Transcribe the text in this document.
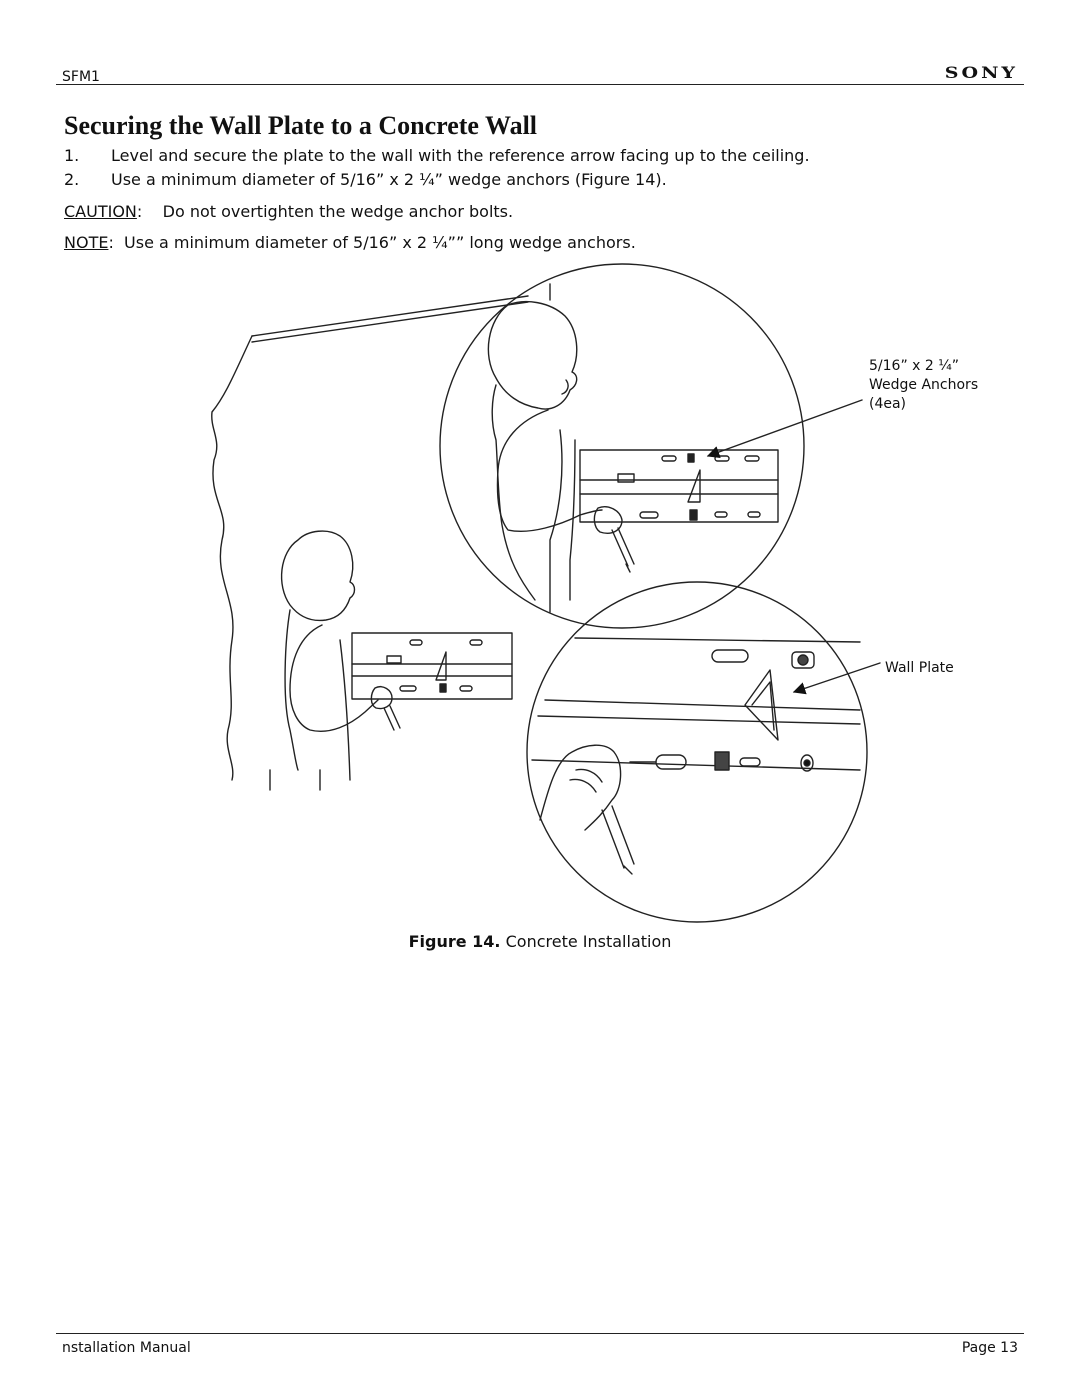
SFM1	SONY
Securing the Wall Plate to a Concrete Wall
1. Level and secure the plate to the wall with the reference arrow facing up to the ceiling.
2. Use a minimum diameter of 5/16” x 2 ¼” wedge anchors (Figure 14).
CAUTION:    Do not overtighten the wedge anchor bolts.
NOTE:  Use a minimum diameter of 5/16” x 2 ¼”” long wedge anchors.
5/16” x 2 ¼”
Wedge Anchors
(4ea)
Wall Plate
Figure 14. Concrete Installation
nstallation Manual	Page 13
